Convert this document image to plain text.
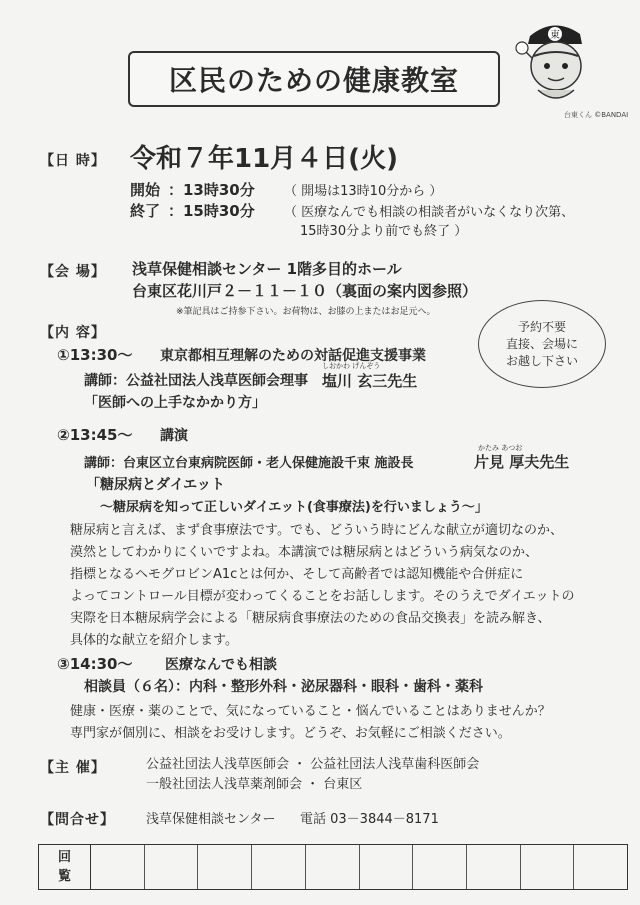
区民のための健康教室
東
台東くん ©BANDAI
【日 時】 令和７年11月４日(火)
開始 ：13時30分 （ 開場は13時10分から ）
終了 ：15時30分 （ 医療なんでも相談の相談者がいなくなり次第、
15時30分より前でも終了 ）
【会 場】 浅草保健相談センター 1階多目的ホール
台東区花川戸２－１１－１０（裏面の案内図参照）
※筆記具はご持参下さい。お荷物は、お膝の上またはお足元へ。
【内 容】	予約不要
直接、会場に
お越し下さい
①13:30～ 東京都相互理解のための対話促進支援事業
講師：公益社団法人浅草医師会理事
しおかわ げんぞう
塩川 玄三先生
「医師への上手なかかり方」
②13:45～ 講演
講師：台東区立台東病院医師・老人保健施設千束 施設長
かたみ あつお
片見 厚夫先生
「糖尿病とダイエット
～糖尿病を知って正しいダイエット(食事療法)を行いましょう～」
糖尿病と言えば、まず食事療法です。でも、どういう時にどんな献立が適切なのか、
漠然としてわかりにくいですよね。本講演では糖尿病とはどういう病気なのか、
指標となるヘモグロビンA1cとは何か、そして高齢者では認知機能や合併症に
よってコントロール目標が変わってくることをお話しします。そのうえでダイエットの
実際を日本糖尿病学会による「糖尿病食事療法のための食品交換表」を読み解き、
具体的な献立を紹介します。
③14:30～ 医療なんでも相談
相談員（６名）：内科・整形外科・泌尿器科・眼科・歯科・薬科
健康・医療・薬のことで、気になっていること・悩んでいることはありませんか？
専門家が個別に、相談をお受けします。どうぞ、お気軽にご相談ください。
【主 催】	公益社団法人浅草医師会 ・ 公益社団法人浅草歯科医師会
一般社団法人浅草薬剤師会 ・ 台東区
【問合せ】 浅草保健相談センター 電話 03－3844－8171
回
覧
